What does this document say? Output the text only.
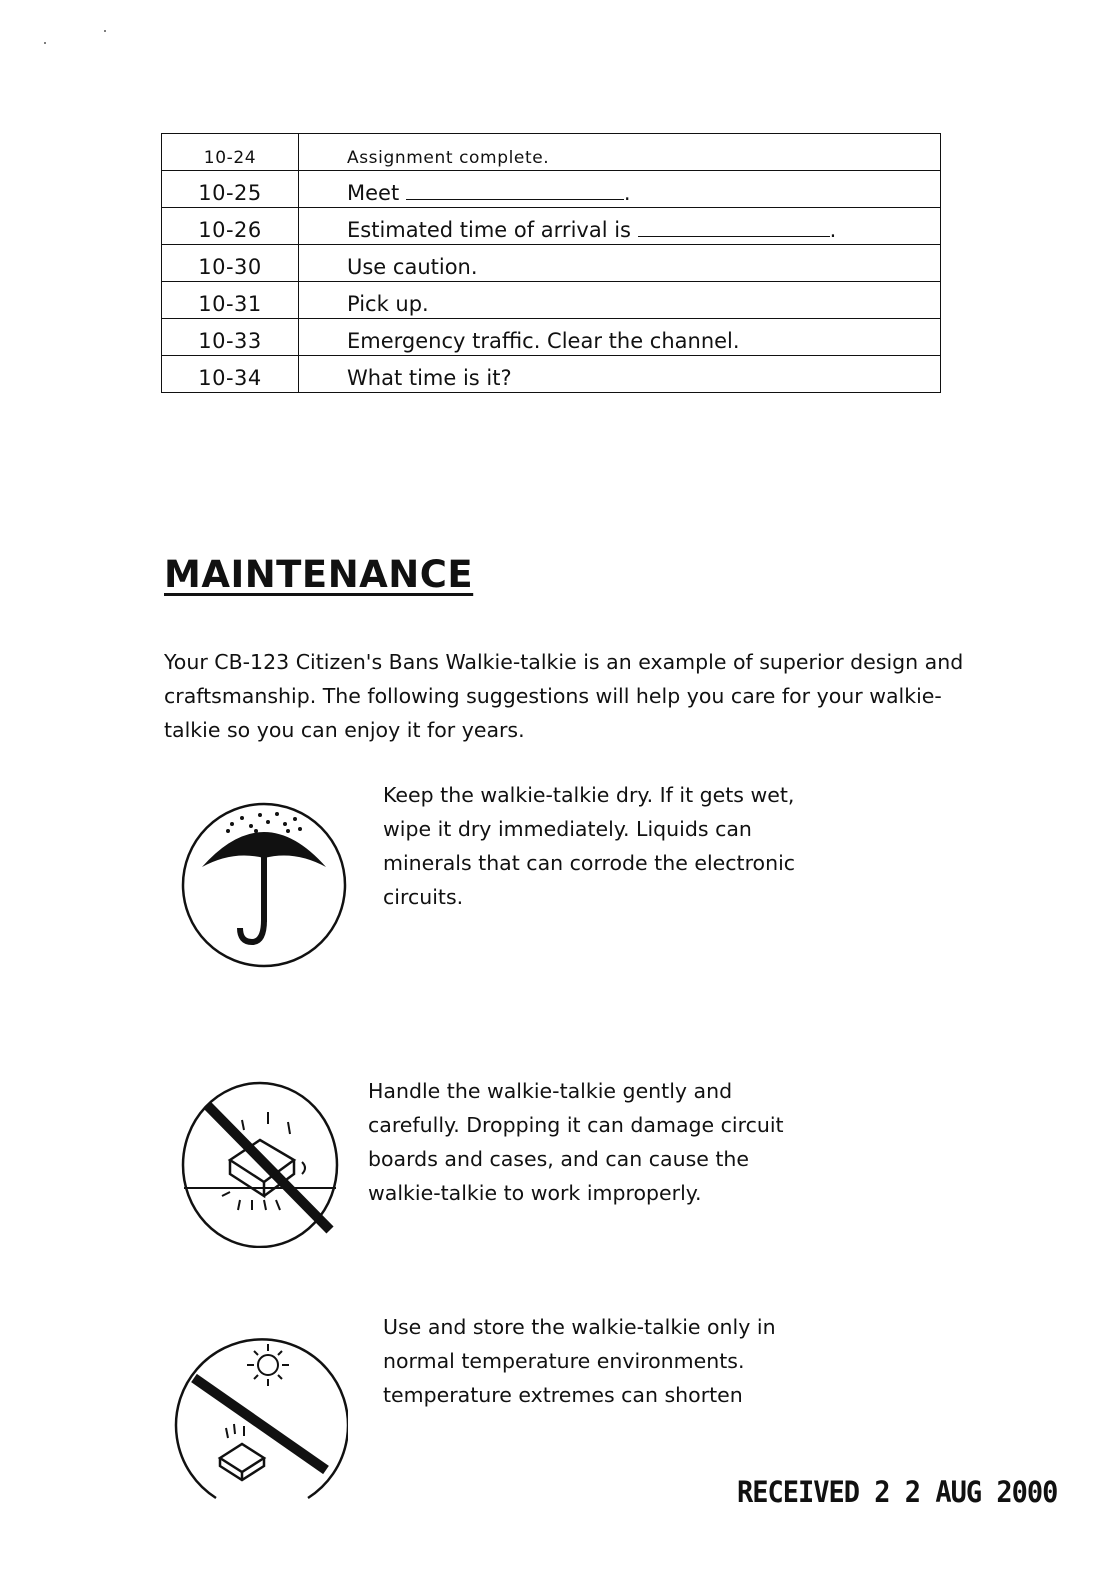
10-24	Assignment complete.
10-25	Meet .
10-26	Estimated time of arrival is .
10-30	Use caution.
10-31	Pick up.
10-33	Emergency traffic. Clear the channel.
10-34	What time is it?
MAINTENANCE

Your CB-123 Citizen's Bans Walkie-talkie is an example of superior design and craftsmanship. The following suggestions will help you care for your walkie-talkie so you can enjoy it for years.

Keep the walkie-talkie dry. If it gets wet, wipe it dry immediately. Liquids can minerals that can corrode the electronic circuits.

Handle the walkie-talkie gently and carefully. Dropping it can damage circuit boards and cases, and can cause the walkie-talkie to work improperly.

Use and store the walkie-talkie only in normal temperature environments. temperature extremes can shorten

RECEIVED 2 2 AUG 2000
